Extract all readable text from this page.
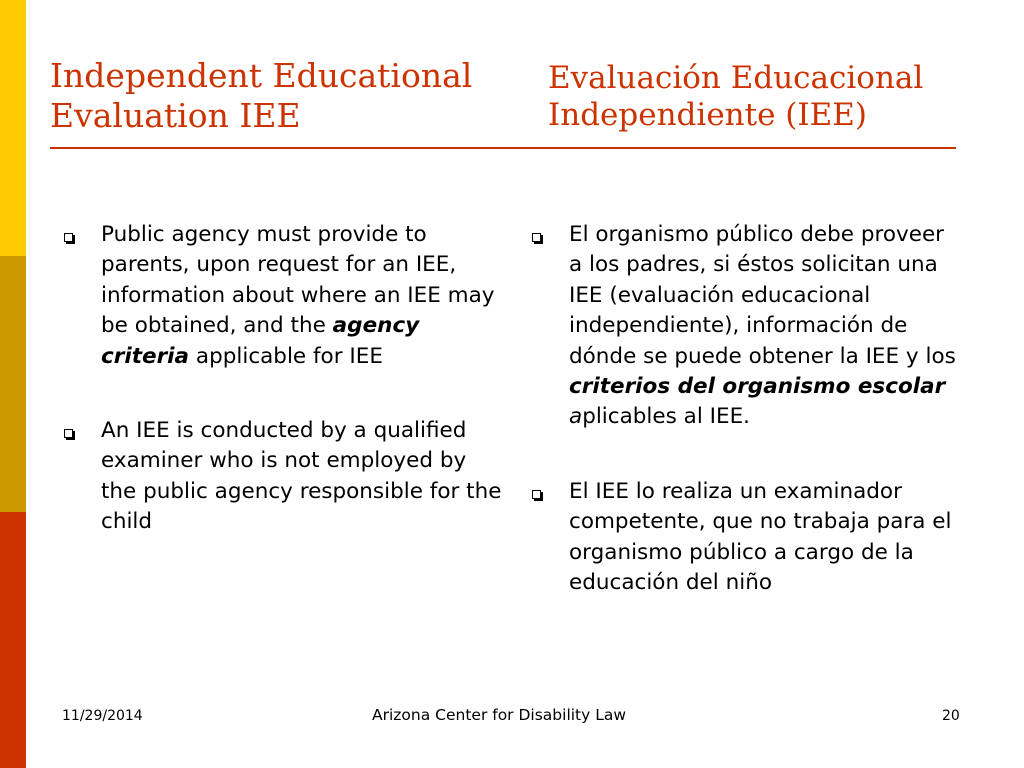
Independent Educational
Evaluation IEE
Evaluación Educacional
Independiente (IEE)

Public agency must provide to parents, upon request for an IEE, information about where an IEE may be obtained, and the agency criteria applicable for IEE

An IEE is conducted by a qualified examiner who is not employed by the public agency responsible for the child

El organismo público debe proveer a los padres, si éstos solicitan una IEE (evaluación educacional independiente), información de dónde se puede obtener la IEE y los criterios del organismo escolar aplicables al IEE.

El IEE lo realiza un examinador competente, que no trabaja para el organismo público a cargo de la educación del niño

11/29/2014	Arizona Center for Disability Law	20
